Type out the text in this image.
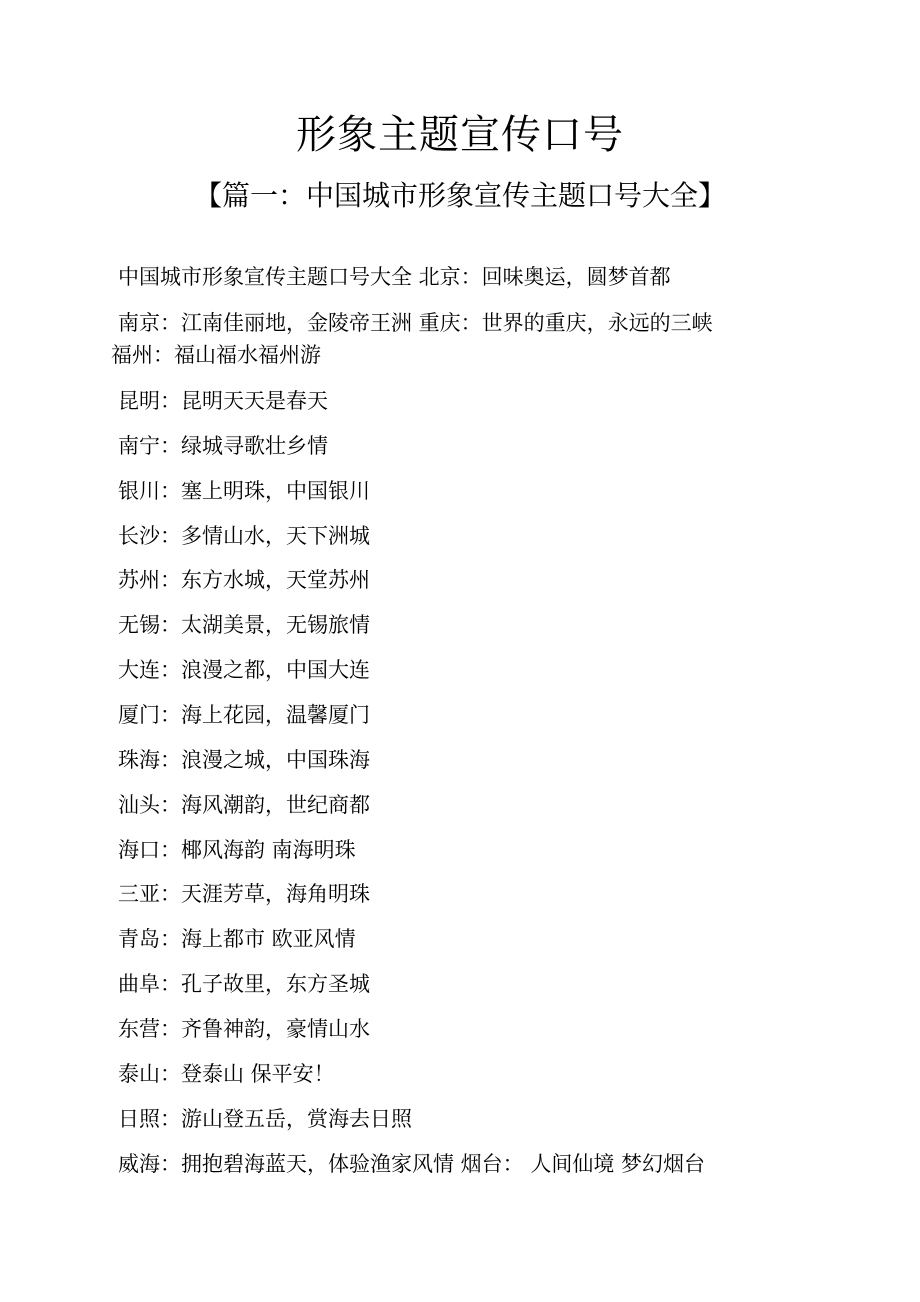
形象主题宣传口号
【篇一：中国城市形象宣传主题口号大全】
中国城市形象宣传主题口号大全 北京：回味奥运，圆梦首都
南京：江南佳丽地，金陵帝王洲 重庆：世界的重庆，永远的三峡
福州：福山福水福州游
昆明：昆明天天是春天
南宁：绿城寻歌壮乡情
银川：塞上明珠，中国银川
长沙：多情山水，天下洲城
苏州：东方水城，天堂苏州
无锡：太湖美景，无锡旅情
大连：浪漫之都，中国大连
厦门：海上花园，温馨厦门
珠海：浪漫之城，中国珠海
汕头：海风潮韵，世纪商都
海口：椰风海韵 南海明珠
三亚：天涯芳草，海角明珠
青岛：海上都市 欧亚风情
曲阜：孔子故里，东方圣城
东营：齐鲁神韵，豪情山水
泰山：登泰山 保平安！
日照：游山登五岳，赏海去日照
威海：拥抱碧海蓝天，体验渔家风情 烟台： 人间仙境 梦幻烟台
